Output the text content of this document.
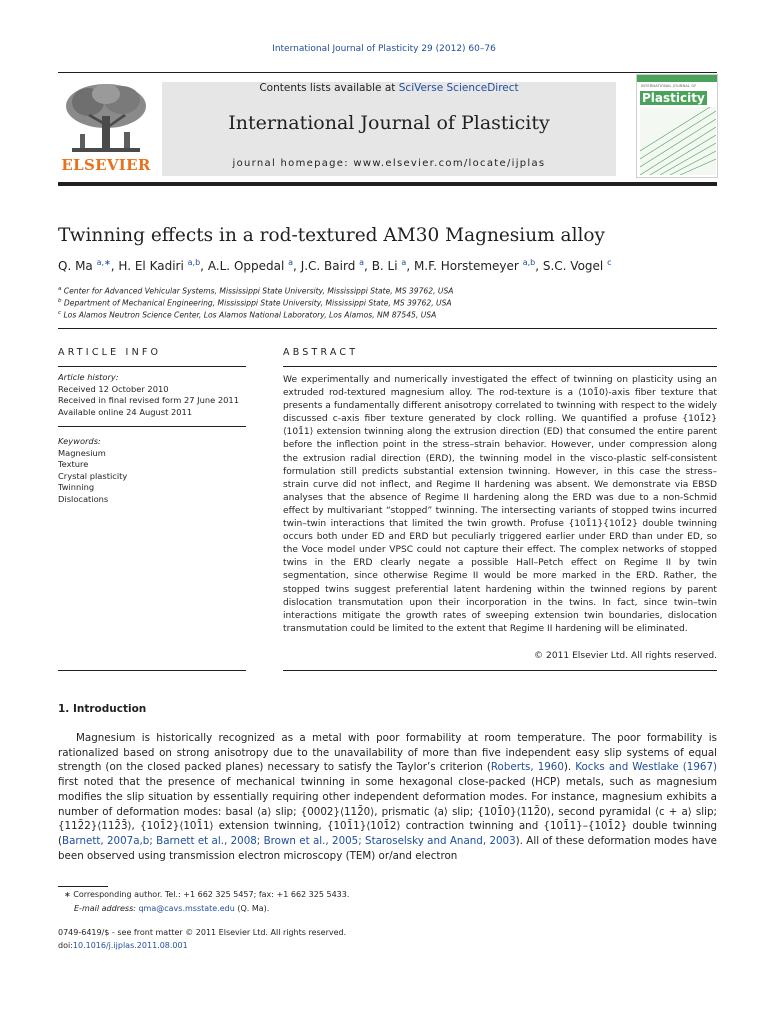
International Journal of Plasticity 29 (2012) 60–76
ELSEVIER
Contents lists available at SciVerse ScienceDirect
International Journal of Plasticity
journal homepage: www.elsevier.com/locate/ijplas
INTERNATIONAL JOURNAL OF
Plasticity
Twinning effects in a rod-textured AM30 Magnesium alloy
Q. Ma $^{a,∗}$, H. El Kadiri $^{a,b}$, A.L. Oppedal $^a$, J.C. Baird $^a$, B. Li $^a$, M.F. Horstemeyer $^{a,b}$, S.C. Vogel $^c$
$^a$ Center for Advanced Vehicular Systems, Mississippi State University, Mississippi State, MS 39762, USA
$^b$ Department of Mechanical Engineering, Mississippi State University, Mississippi State, MS 39762, USA
$^c$ Los Alamos Neutron Science Center, Los Alamos National Laboratory, Los Alamos, NM 87545, USA
ARTICLE INFO
Article history:
Received 12 October 2010
Received in final revised form 27 June 2011
Available online 24 August 2011
Keywords:
Magnesium
Texture
Crystal plasticity
Twinning
Dislocations
ABSTRACT
We experimentally and numerically investigated the effect of twinning on plasticity using an extruded rod-textured magnesium alloy. The rod-texture is a ⟨101̄0⟩-axis fiber texture that presents a fundamentally different anisotropy correlated to twinning with respect to the widely discussed c-axis fiber texture generated by clock rolling. We quantified a profuse {101̄2}⟨101̄1⟩ extension twinning along the extrusion direction (ED) that consumed the entire parent before the inflection point in the stress–strain behavior. However, under compression along the extrusion radial direction (ERD), the twinning model in the visco-plastic self-consistent formulation still predicts substantial extension twinning. However, in this case the stress–strain curve did not inflect, and Regime II hardening was absent. We demonstrate via EBSD analyses that the absence of Regime II hardening along the ERD was due to a non-Schmid effect by multivariant “stopped” twinning. The intersecting variants of stopped twins incurred twin–twin interactions that limited the twin growth. Profuse {101̄1}{101̄2} double twinning occurs both under ED and ERD but peculiarly triggered earlier under ERD than under ED, so the Voce model under VPSC could not capture their effect. The complex networks of stopped twins in the ERD clearly negate a possible Hall–Petch effect on Regime II by twin segmentation, since otherwise Regime II would be more marked in the ERD. Rather, the stopped twins suggest preferential latent hardening within the twinned regions by parent dislocation transmutation upon their incorporation in the twins. In fact, since twin–twin interactions mitigate the growth rates of sweeping extension twin boundaries, dislocation transmutation could be limited to the extent that Regime II hardening will be eliminated.
© 2011 Elsevier Ltd. All rights reserved.
1. Introduction

Magnesium is historically recognized as a metal with poor formability at room temperature. The poor formability is rationalized based on strong anisotropy due to the unavailability of more than five independent easy slip systems of equal strength (on the closed packed planes) necessary to satisfy the Taylor’s criterion (Roberts, 1960). Kocks and Westlake (1967) first noted that the presence of mechanical twinning in some hexagonal close-packed (HCP) metals, such as magnesium modifies the slip situation by essentially requiring other independent deformation modes. For instance, magnesium exhibits a number of deformation modes: basal ⟨a⟩ slip; {0002}⟨112̄0⟩, prismatic ⟨a⟩ slip; {101̄0}⟨112̄0⟩, second pyramidal ⟨c + a⟩ slip; {112̄2}⟨112̄3̄⟩, {101̄2}⟨101̄1⟩ extension twinning, {101̄1}⟨101̄2⟩ contraction twinning and {101̄1}–{101̄2} double twinning (Barnett, 2007a,b; Barnett et al., 2008; Brown et al., 2005; Staroselsky and Anand, 2003). All of these deformation modes have been observed using transmission electron microscopy (TEM) or/and electron

∗ Corresponding author. Tel.: +1 662 325 5457; fax: +1 662 325 5433.
E-mail address: qma@cavs.msstate.edu (Q. Ma).
0749-6419/$ - see front matter © 2011 Elsevier Ltd. All rights reserved.
doi:10.1016/j.ijplas.2011.08.001
